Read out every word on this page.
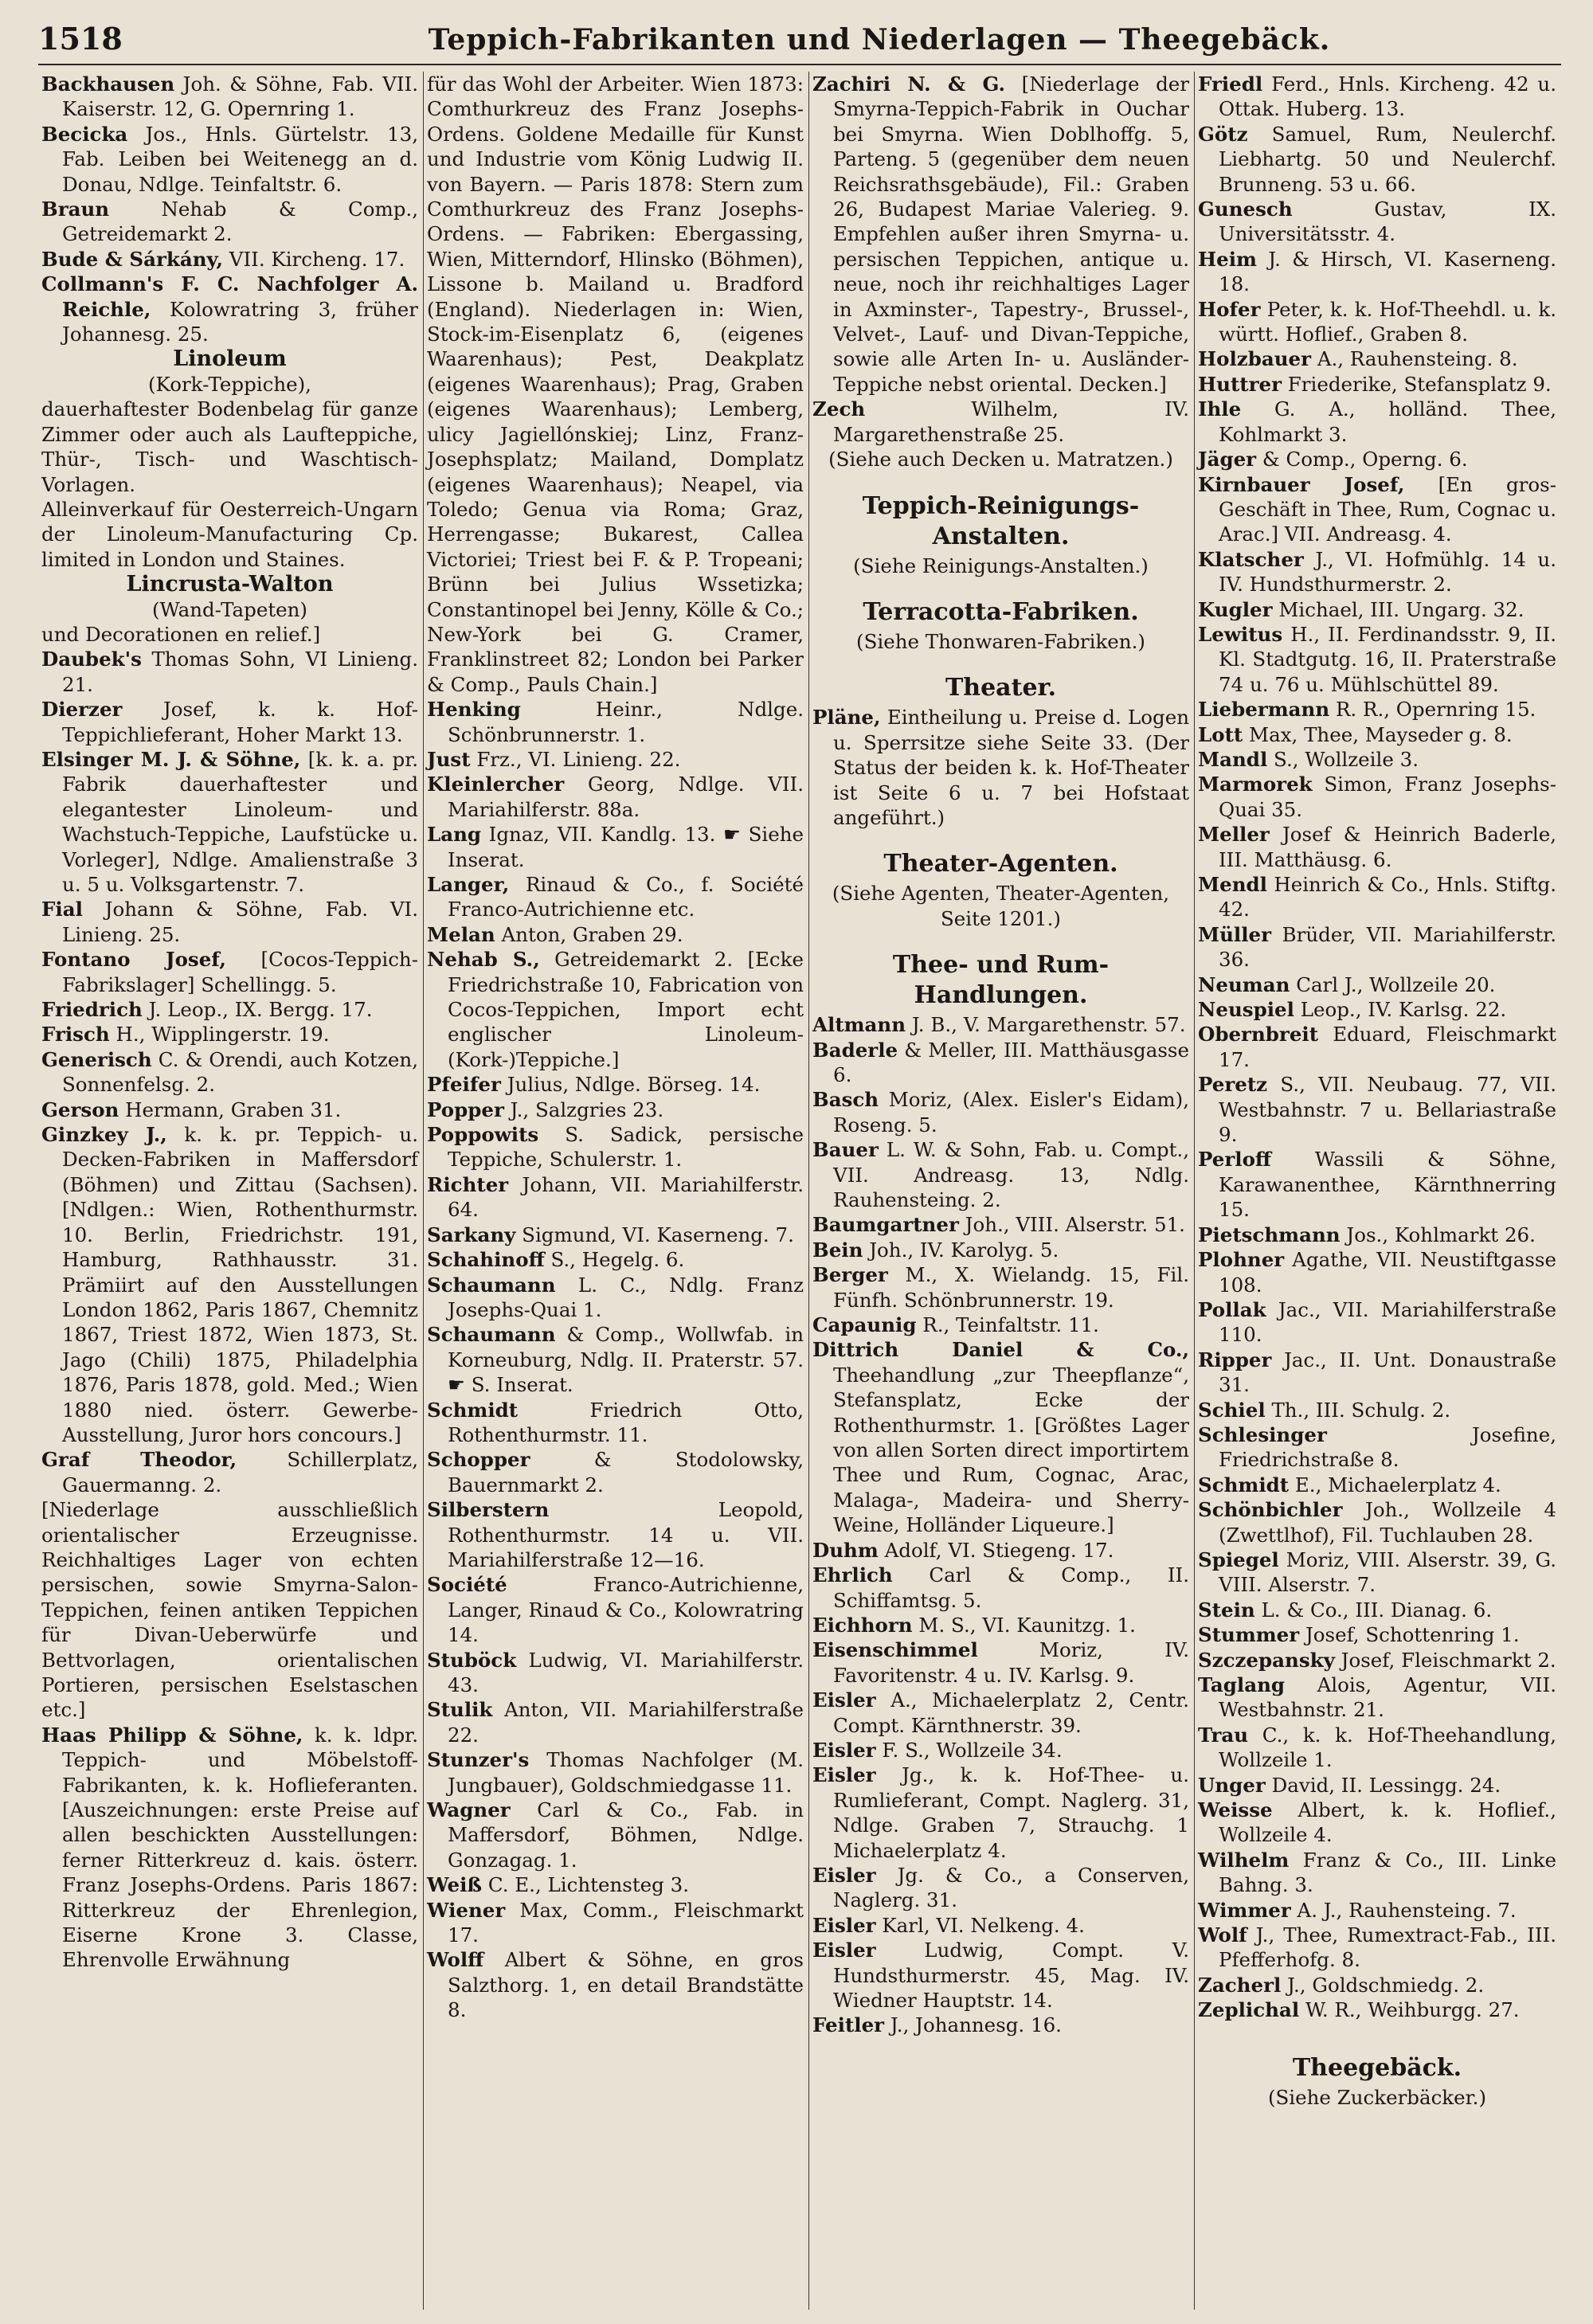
1518	Teppich-Fabrikanten und Niederlagen — Theegebäck.

Backhausen Joh. & Söhne, Fab. VII. Kaiserstr. 12, G. Opernring 1.

Becicka Jos., Hnls. Gürtelstr. 13, Fab. Leiben bei Weitenegg an d. Donau, Ndlge. Teinfaltstr. 6.

Braun	Nehab & Comp., Getreidemarkt 2.

Bude & Sárkány, VII. Kircheng. 17.

Collmann's F. C. Nachfolger A. Reichle, Kolowratring 3, früher Johannesg. 25.

Linoleum
(Kork-Teppiche),

dauerhaftester Bodenbelag für ganze Zimmer oder auch als Laufteppiche, Thür-, Tisch- und Waschtisch-Vorlagen.

Alleinverkauf für Oesterreich-Ungarn der Linoleum-Manufacturing Cp. limited in London und Staines.

Lincrusta-Walton
(Wand-Tapeten)

und Decorationen en relief.]

Daubek's Thomas Sohn, VI Linieng. 21.

Dierzer Josef, k. k. Hof-Teppichlieferant, Hoher Markt 13.

Elsinger M. J. & Söhne, [k. k. a. pr. Fabrik dauerhaftester und elegantester Linoleum- und Wachstuch-Teppiche, Laufstücke u. Vorleger], Ndlge. Amalienstraße 3 u. 5 u. Volksgartenstr. 7.

Fial Johann & Söhne, Fab. VI. Linieng. 25.

Fontano Josef, [Cocos-Teppich-Fabrikslager] Schellingg. 5.

Friedrich J. Leop., IX. Bergg. 17.

Frisch H., Wipplingerstr. 19.

Generisch C. & Orendi, auch Kotzen, Sonnenfelsg. 2.

Gerson Hermann, Graben 31.

Ginzkey J., k. k. pr. Teppich- u. Decken-Fabriken in Maffersdorf (Böhmen) und Zittau (Sachsen). [Ndlgen.: Wien, Rothenthurmstr. 10. Berlin, Friedrichstr. 191, Hamburg, Rathhausstr. 31. Prämiirt auf den Ausstellungen London 1862, Paris 1867, Chemnitz 1867, Triest 1872, Wien 1873, St. Jago (Chili) 1875, Philadelphia 1876, Paris 1878, gold. Med.; Wien 1880 nied. österr. Gewerbe-Ausstellung, Juror hors concours.]

Graf Theodor,	Schillerplatz, Gauermanng. 2.

[Niederlage ausschließlich orientalischer Erzeugnisse. Reichhaltiges Lager von echten persischen, sowie Smyrna-Salon-Teppichen, feinen antiken Teppichen für Divan-Ueberwürfe und Bettvorlagen, orientalischen Portieren, persischen Eselstaschen etc.]

Haas Philipp & Söhne, k. k. ldpr. Teppich- und Möbelstoff-Fabrikanten, k. k. Hoflieferanten. [Auszeichnungen: erste Preise auf allen beschickten Ausstellungen: ferner Ritterkreuz d. kais. österr. Franz Josephs-Ordens. Paris 1867: Ritterkreuz der Ehrenlegion, Eiserne Krone 3. Classe, Ehrenvolle Erwähnung

für das Wohl der Arbeiter. Wien 1873: Comthurkreuz des Franz Josephs-Ordens. Goldene Medaille für Kunst und Industrie vom König Ludwig II. von Bayern. — Paris 1878: Stern zum Comthurkreuz des Franz Josephs-Ordens. — Fabriken: Ebergassing, Wien, Mitterndorf, Hlinsko (Böhmen), Lissone b. Mailand u. Bradford (England). Niederlagen in: Wien, Stock-im-Eisenplatz 6, (eigenes Waarenhaus); Pest, Deakplatz (eigenes Waarenhaus); Prag, Graben (eigenes Waarenhaus); Lemberg, ulicy Jagiellónskiej; Linz, Franz-Josephsplatz; Mailand, Domplatz (eigenes Waarenhaus); Neapel, via Toledo; Genua via Roma; Graz, Herrengasse; Bukarest, Callea Victoriei; Triest bei F. & P. Tropeani; Brünn bei Julius Wssetizka; Constantinopel bei Jenny, Kölle & Co.; New-York bei G. Cramer, Franklinstreet 82; London bei Parker & Comp., Pauls Chain.]

Henking	Heinr., Ndlge. Schönbrunnerstr. 1.

Just Frz., VI. Linieng. 22.

Kleinlercher Georg, Ndlge. VII. Mariahilferstr. 88a.

Lang Ignaz, VII. Kandlg. 13. ☛ Siehe Inserat.

Langer, Rinaud & Co., f. Société Franco-Autrichienne etc.

Melan Anton, Graben 29.

Nehab S., Getreidemarkt 2. [Ecke Friedrichstraße 10, Fabrication von Cocos-Teppichen, Import echt englischer Linoleum-(Kork-)Teppiche.]

Pfeifer Julius, Ndlge. Börseg. 14.

Popper J., Salzgries 23.

Poppowits S. Sadick, persische Teppiche, Schulerstr. 1.

Richter Johann, VII. Mariahilferstr. 64.

Sarkany Sigmund, VI. Kaserneng. 7.

Schahinoff S., Hegelg. 6.

Schaumann L. C., Ndlg. Franz Josephs-Quai 1.

Schaumann & Comp., Wollwfab. in Korneuburg, Ndlg. II. Praterstr. 57. ☛ S. Inserat.

Schmidt	Friedrich Otto, Rothenthurmstr. 11.

Schopper	& Stodolowsky, Bauernmarkt 2.

Silberstern	Leopold, Rothenthurmstr. 14 u. VII. Mariahilferstraße 12—16.

Société	Franco-Autrichienne, Langer, Rinaud & Co., Kolowratring 14.

Stuböck Ludwig, VI. Mariahilferstr. 43.

Stulik Anton, VII. Mariahilferstraße 22.

Stunzer's Thomas Nachfolger (M. Jungbauer), Goldschmiedgasse 11.

Wagner Carl & Co., Fab. in Maffersdorf, Böhmen, Ndlge. Gonzagag. 1.

Weiß C. E., Lichtensteg 3.

Wiener Max, Comm., Fleischmarkt 17.

Wolff Albert & Söhne, en gros Salzthorg. 1, en detail Brandstätte 8.

Zachiri N. & G. [Niederlage der Smyrna-Teppich-Fabrik in Ouchar bei Smyrna. Wien Doblhoffg. 5, Parteng. 5 (gegenüber dem neuen Reichsrathsgebäude), Fil.: Graben 26, Budapest Mariae Valerieg. 9. Empfehlen außer ihren Smyrna- u. persischen Teppichen, antique u. neue, noch ihr reichhaltiges Lager in Axminster-, Tapestry-, Brussel-, Velvet-, Lauf- und Divan-Teppiche, sowie alle Arten In- u. Ausländer-Teppiche nebst oriental. Decken.]

Zech	Wilhelm, IV. Margarethenstraße 25.

(Siehe auch Decken u. Matratzen.)
Teppich-Reinigungs-Anstalten.
(Siehe Reinigungs-Anstalten.)
Terracotta-Fabriken.
(Siehe Thonwaren-Fabriken.)
Theater.

Pläne, Eintheilung u. Preise d. Logen u. Sperrsitze siehe Seite 33. (Der Status der beiden k. k. Hof-Theater ist Seite 6 u. 7 bei Hofstaat angeführt.)

Theater-Agenten.
(Siehe Agenten, Theater-Agenten, Seite 1201.)
Thee- und Rum-Handlungen.

Altmann J. B., V. Margarethenstr. 57.

Baderle & Meller, III. Matthäusgasse 6.

Basch Moriz, (Alex. Eisler's Eidam), Roseng. 5.

Bauer L. W. & Sohn, Fab. u. Compt., VII. Andreasg. 13, Ndlg. Rauhensteing. 2.

Baumgartner Joh., VIII. Alserstr. 51.

Bein Joh., IV. Karolyg. 5.

Berger M., X. Wielandg. 15, Fil. Fünfh. Schönbrunnerstr. 19.

Capaunig R., Teinfaltstr. 11.

Dittrich Daniel & Co., Theehandlung „zur Theepflanze“, Stefansplatz, Ecke der Rothenthurmstr. 1. [Größtes Lager von allen Sorten direct importirtem Thee und Rum, Cognac, Arac, Malaga-, Madeira- und Sherry-Weine, Holländer Liqueure.]

Duhm Adolf, VI. Stiegeng. 17.

Ehrlich Carl & Comp., II. Schiffamtsg. 5.

Eichhorn M. S., VI. Kaunitzg. 1.

Eisenschimmel	Moriz, IV. Favoritenstr. 4 u. IV. Karlsg. 9.

Eisler A., Michaelerplatz 2, Centr. Compt. Kärnthnerstr. 39.

Eisler F. S., Wollzeile 34.

Eisler Jg., k. k. Hof-Thee- u. Rumlieferant, Compt. Naglerg. 31, Ndlge. Graben 7, Strauchg. 1 Michaelerplatz 4.

Eisler Jg. & Co., a Conserven, Naglerg. 31.

Eisler Karl, VI. Nelkeng. 4.

Eisler Ludwig, Compt. V. Hundsthurmerstr. 45, Mag. IV. Wiedner Hauptstr. 14.

Feitler J., Johannesg. 16.

Friedl Ferd., Hnls. Kircheng. 42 u. Ottak. Huberg. 13.

Götz Samuel, Rum, Neulerchf. Liebhartg. 50 und Neulerchf. Brunneng. 53 u. 66.

Gunesch	Gustav, IX. Universitätsstr. 4.

Heim J. & Hirsch, VI. Kaserneng. 18.

Hofer Peter, k. k. Hof-Theehdl. u. k. württ. Hoflief., Graben 8.

Holzbauer A., Rauhensteing. 8.

Huttrer Friederike, Stefansplatz 9.

Ihle G. A., holländ. Thee, Kohlmarkt 3.

Jäger & Comp., Operng. 6.

Kirnbauer Josef, [En gros-Geschäft in Thee, Rum, Cognac u. Arac.] VII. Andreasg. 4.

Klatscher J., VI. Hofmühlg. 14 u. IV. Hundsthurmerstr. 2.

Kugler Michael, III. Ungarg. 32.

Lewitus H., II. Ferdinandsstr. 9, II. Kl. Stadtgutg. 16, II. Praterstraße 74 u. 76 u. Mühlschüttel 89.

Liebermann R. R., Opernring 15.

Lott Max, Thee, Mayseder g. 8.

Mandl S., Wollzeile 3.

Marmorek Simon, Franz Josephs-Quai 35.

Meller Josef & Heinrich Baderle, III. Matthäusg. 6.

Mendl Heinrich & Co., Hnls. Stiftg. 42.

Müller Brüder, VII. Mariahilferstr. 36.

Neuman Carl J., Wollzeile 20.

Neuspiel Leop., IV. Karlsg. 22.

Obernbreit Eduard, Fleischmarkt 17.

Peretz S., VII. Neubaug. 77, VII. Westbahnstr. 7 u. Bellariastraße 9.

Perloff Wassili & Söhne, Karawanenthee, Kärnthnerring 15.

Pietschmann Jos., Kohlmarkt 26.

Plohner Agathe, VII. Neustiftgasse 108.

Pollak Jac., VII. Mariahilferstraße 110.

Ripper Jac., II. Unt. Donaustraße 31.

Schiel Th., III. Schulg. 2.

Schlesinger	Josefine, Friedrichstraße 8.

Schmidt E., Michaelerplatz 4.

Schönbichler Joh., Wollzeile 4 (Zwettlhof), Fil. Tuchlauben 28.

Spiegel Moriz, VIII. Alserstr. 39, G. VIII. Alserstr. 7.

Stein L. & Co., III. Dianag. 6.

Stummer Josef, Schottenring 1.

Szczepansky Josef, Fleischmarkt 2.

Taglang Alois, Agentur, VII. Westbahnstr. 21.

Trau C., k. k. Hof-Theehandlung, Wollzeile 1.

Unger David, II. Lessingg. 24.

Weisse Albert, k. k. Hoflief., Wollzeile 4.

Wilhelm Franz & Co., III. Linke Bahng. 3.

Wimmer A. J., Rauhensteing. 7.

Wolf J., Thee, Rumextract-Fab., III. Pfefferhofg. 8.

Zacherl J., Goldschmiedg. 2.

Zeplichal W. R., Weihburgg. 27.

Theegebäck.
(Siehe Zuckerbäcker.)
